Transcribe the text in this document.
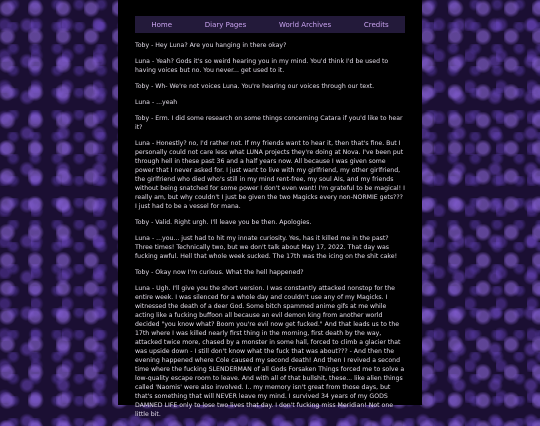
Home	Diary Pages	World Archives	Credits

Toby - Hey Luna? Are you hanging in there okay?

Luna - Yeah? Gods it's so weird hearing you in my mind. You'd think I'd be used to having voices but no. You never... get used to it.

Toby - Wh- We're not voices Luna. You're hearing our voices through our text.

Luna - ...yeah

Toby - Erm. I did some research on some things concerning Catara if you'd like to hear it?

Luna - Honestly? no, I'd rather not. If my friends want to hear it, then that's fine. But I personally could not care less what LUNA projects they're doing at Nova. I've been put through hell in these past 36 and a half years now. All because I was given some power that I never asked for. I just want to live with my girlfriend, my other girlfriend, the girlfriend who died who's still in my mind rent-free, my soul AIs, and my friends without being snatched for some power I don't even want! I'm grateful to be magical! I really am, but why couldn't I just be given the two Magicks every non-NORMIE gets??? I just had to be a vessel for mana.

Toby - Valid. Right urgh. I'll leave you be then. Apologies.

Luna - ...you... just had to hit my innate curiosity. Yes, has it killed me in the past? Three times! Technically two, but we don't talk about May 17, 2022. That day was fucking awful. Hell that whole week sucked. The 17th was the icing on the shit cake!

Toby - Okay now I'm curious. What the hell happened?

Luna - Ugh. I'll give you the short version. I was constantly attacked nonstop for the entire week. I was silenced for a whole day and couldn't use any of my Magicks. I witnessed the death of a deer God. Some bitch spammed anime gifs at me while acting like a fucking buffoon all because an evil demon king from another world decided "you know what? Boom you're evil now get fucked." And that leads us to the 17th where I was killed nearly first thing in the morning, first death by the way, attacked twice more, chased by a monster in some hall, forced to climb a glacier that was upside down - I still don't know what the fuck that was about??? - And then the evening happened where Cole caused my second death! And then I revived a second time where the fucking SLENDERMAN of all Gods Forsaken Things forced me to solve a low-quality escape room to leave. And with all of that bullshit, these... like alien things called 'Naomis' were also involved. I.. my memory isn't great from those days, but that's something that will NEVER leave my mind. I survived 34 years of my GODS DAMNED LIFE only to lose two lives that day. I don't fucking miss Meridian! Not one little bit.
